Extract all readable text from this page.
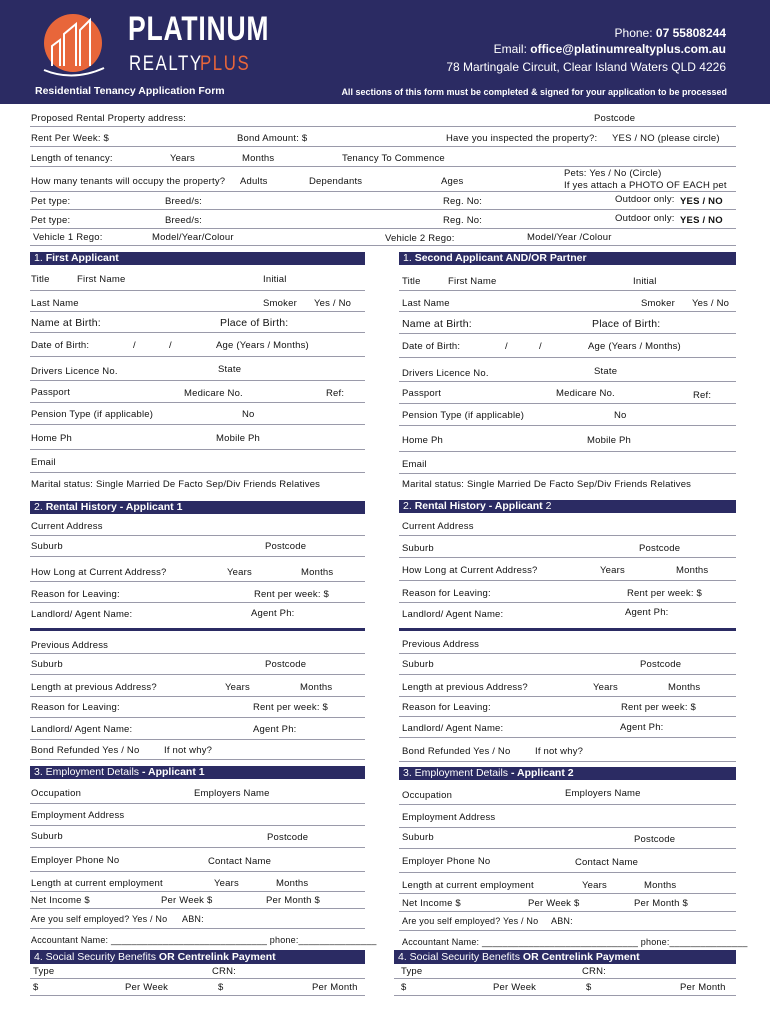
PLATINUM
REALTY
PLUS
Phone: 07 55808244
Email: office@platinumrealtyplus.com.au
78 Martingale Circuit, Clear Island Waters QLD 4226
Residential Tenancy Application Form	All sections of this form must be completed & signed for your application to be processed
Proposed Rental Property address:	Postcode
Rent Per Week: $	Bond Amount: $	Have you inspected the property?: YES / NO (please circle)
Length of tenancy:	Years	Months	Tenancy To Commence
How many tenants will occupy the property? Adults	Dependants	Ages
Pets: Yes / No (Circle)
If yes attach a PHOTO OF EACH pet
Pet type:	Breed/s:	Reg. No:	Outdoor only: YES / NO
Pet type:	Breed/s:	Reg. No:	Outdoor only: YES / NO
Vehicle 1 Rego:	Model/Year/Colour	Vehicle 2 Rego:	Model/Year /Colour
1. First Applicant	1. Second Applicant AND/OR Partner
Title	First Name	Initial
Last Name	Smoker Yes / No
Name at Birth:	Place of Birth:
Date of Birth:	/	/	Age (Years / Months)
Drivers Licence No.	State
Passport	Medicare No.	Ref:
Pension Type (if applicable)	No
Home Ph	Mobile Ph
Email
Marital status: Single Married De Facto Sep/Div Friends Relatives
Title	First Name	Initial
Last Name	Smoker Yes / No
Name at Birth:	Place of Birth:
Date of Birth:	/	/	Age (Years / Months)
Drivers Licence No.	State
Passport	Medicare No.	Ref:
Pension Type (if applicable)	No
Home Ph	Mobile Ph
Email
Marital status: Single Married De Facto Sep/Div Friends Relatives
2. Rental History - Applicant 1	2. Rental History - Applicant 2
Current Address
Suburb	Postcode
How Long at Current Address?	Years	Months
Reason for Leaving:	Rent per week: $
Landlord/ Agent Name:	Agent Ph:
Previous Address
Suburb	Postcode
Length at previous Address?	Years	Months
Reason for Leaving:	Rent per week: $
Landlord/ Agent Name:	Agent Ph:
Bond Refunded Yes / No	If not why?
Current Address
Suburb	Postcode
How Long at Current Address?	Years	Months
Reason for Leaving:	Rent per week: $
Landlord/ Agent Name:	Agent Ph:
Previous Address
Suburb	Postcode
Length at previous Address?	Years	Months
Reason for Leaving:	Rent per week: $
Landlord/ Agent Name:	Agent Ph:
Bond Refunded Yes / No	If not why?
3. Employment Details - Applicant 1	3. Employment Details - Applicant 2
Occupation	Employers Name
Employment Address
Suburb	Postcode
Employer Phone No	Contact Name
Length at current employment	Years	Months
Net Income $	Per Week $	Per Month $
Are you self employed? Yes / No ABN:
Accountant Name: ______________________________ phone:_______________
Occupation	Employers Name
Employment Address
Suburb	Postcode
Employer Phone No	Contact Name
Length at current employment	Years	Months
Net Income $	Per Week $	Per Month $
Are you self employed? Yes / No ABN:
Accountant Name: ______________________________ phone:_______________
4. Social Security Benefits OR Centrelink Payment	4. Social Security Benefits OR Centrelink Payment
Type	CRN:
$	Per Week	$	Per Month
Type	CRN:
$	Per Week	$	Per Month
